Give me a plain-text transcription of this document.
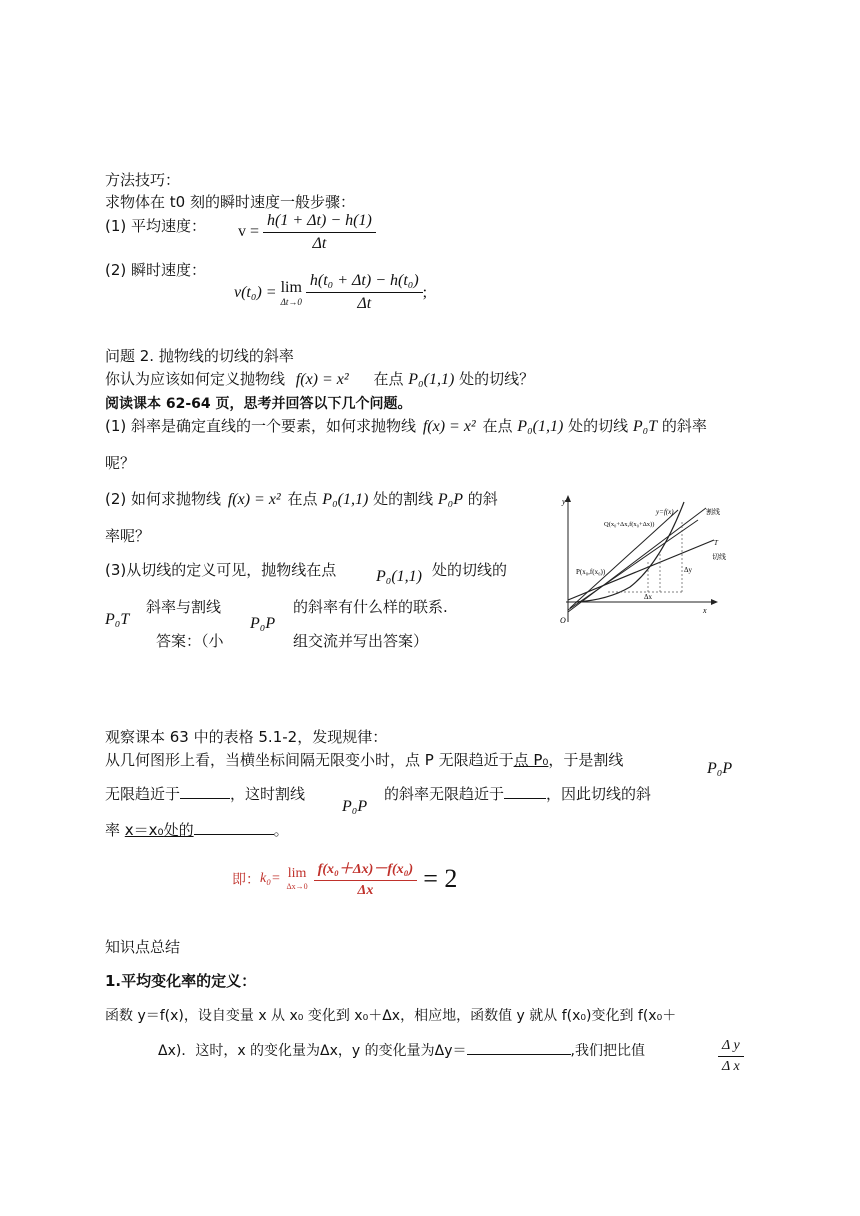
方法技巧：
求物体在 t0 刻的瞬时速度一般步骤：
(1) 平均速度： $v = \frac{h(1 + \Delta t) - h(1)}{\Delta t}$
(2) 瞬时速度：
v(t₀) = lim
$\Delta t\to 0 \frac{\text{h(t₀ + Δt) − h(t₀)}}{\Delta t}$ ;
问题 2. 抛物线的切线的斜率
你认为应该如何定义抛物线 f(x) = x² 在点 P₀(1,1) 处的切线？
阅读课本 62-64 页，思考并回答以下几个问题。
(1) 斜率是确定直线的一个要素，如何求抛物线 f(x) = x² 在点 P₀(1,1) 处的切线 P₀T 的斜率
呢？
(2) 如何求抛物线 f(x) = x² 在点 P₀(1,1) 处的割线 P₀P 的斜
率呢？
(3)从切线的定义可见，抛物线在点 P₀(1,1) 处的切线的
P₀T
斜率与割线	的斜率有什么样的联系.
P₀P
答案：（小	组交流并写出答案）
y
x
O
y=f(x)
Q(x₀+Δx,f(x₀+Δx))
割线
T
切线
P(x₀,f(x₀))	Δy
Δx
观察课本 63 中的表格 5.1-2，发现规律：
从几何图形上看，当横坐标间隔无限变小时，点 P 无限趋近于点 P₀，于是割线	P₀P
无限趋近于	，这时割线
P₀P
的斜率无限趋近于	，因此切线的斜
率 x＝x₀处的	。
即： k₀= lim
$\Delta x\to 0 \frac{\text{f(x₀＋Δx)－f(x₀)}}{\Delta x} = 2$
知识点总结
1.平均变化率的定义：
函数 y＝f(x)，设自变量 x 从 x₀ 变化到 x₀＋Δx，相应地，函数值 y 就从 f(x₀)变化到 f(x₀＋
Δx)．这时，x 的变化量为Δx，y 的变化量为Δy＝	,我们把比值	$\frac{\text{Δ y}}{\text{Δ x}}$
